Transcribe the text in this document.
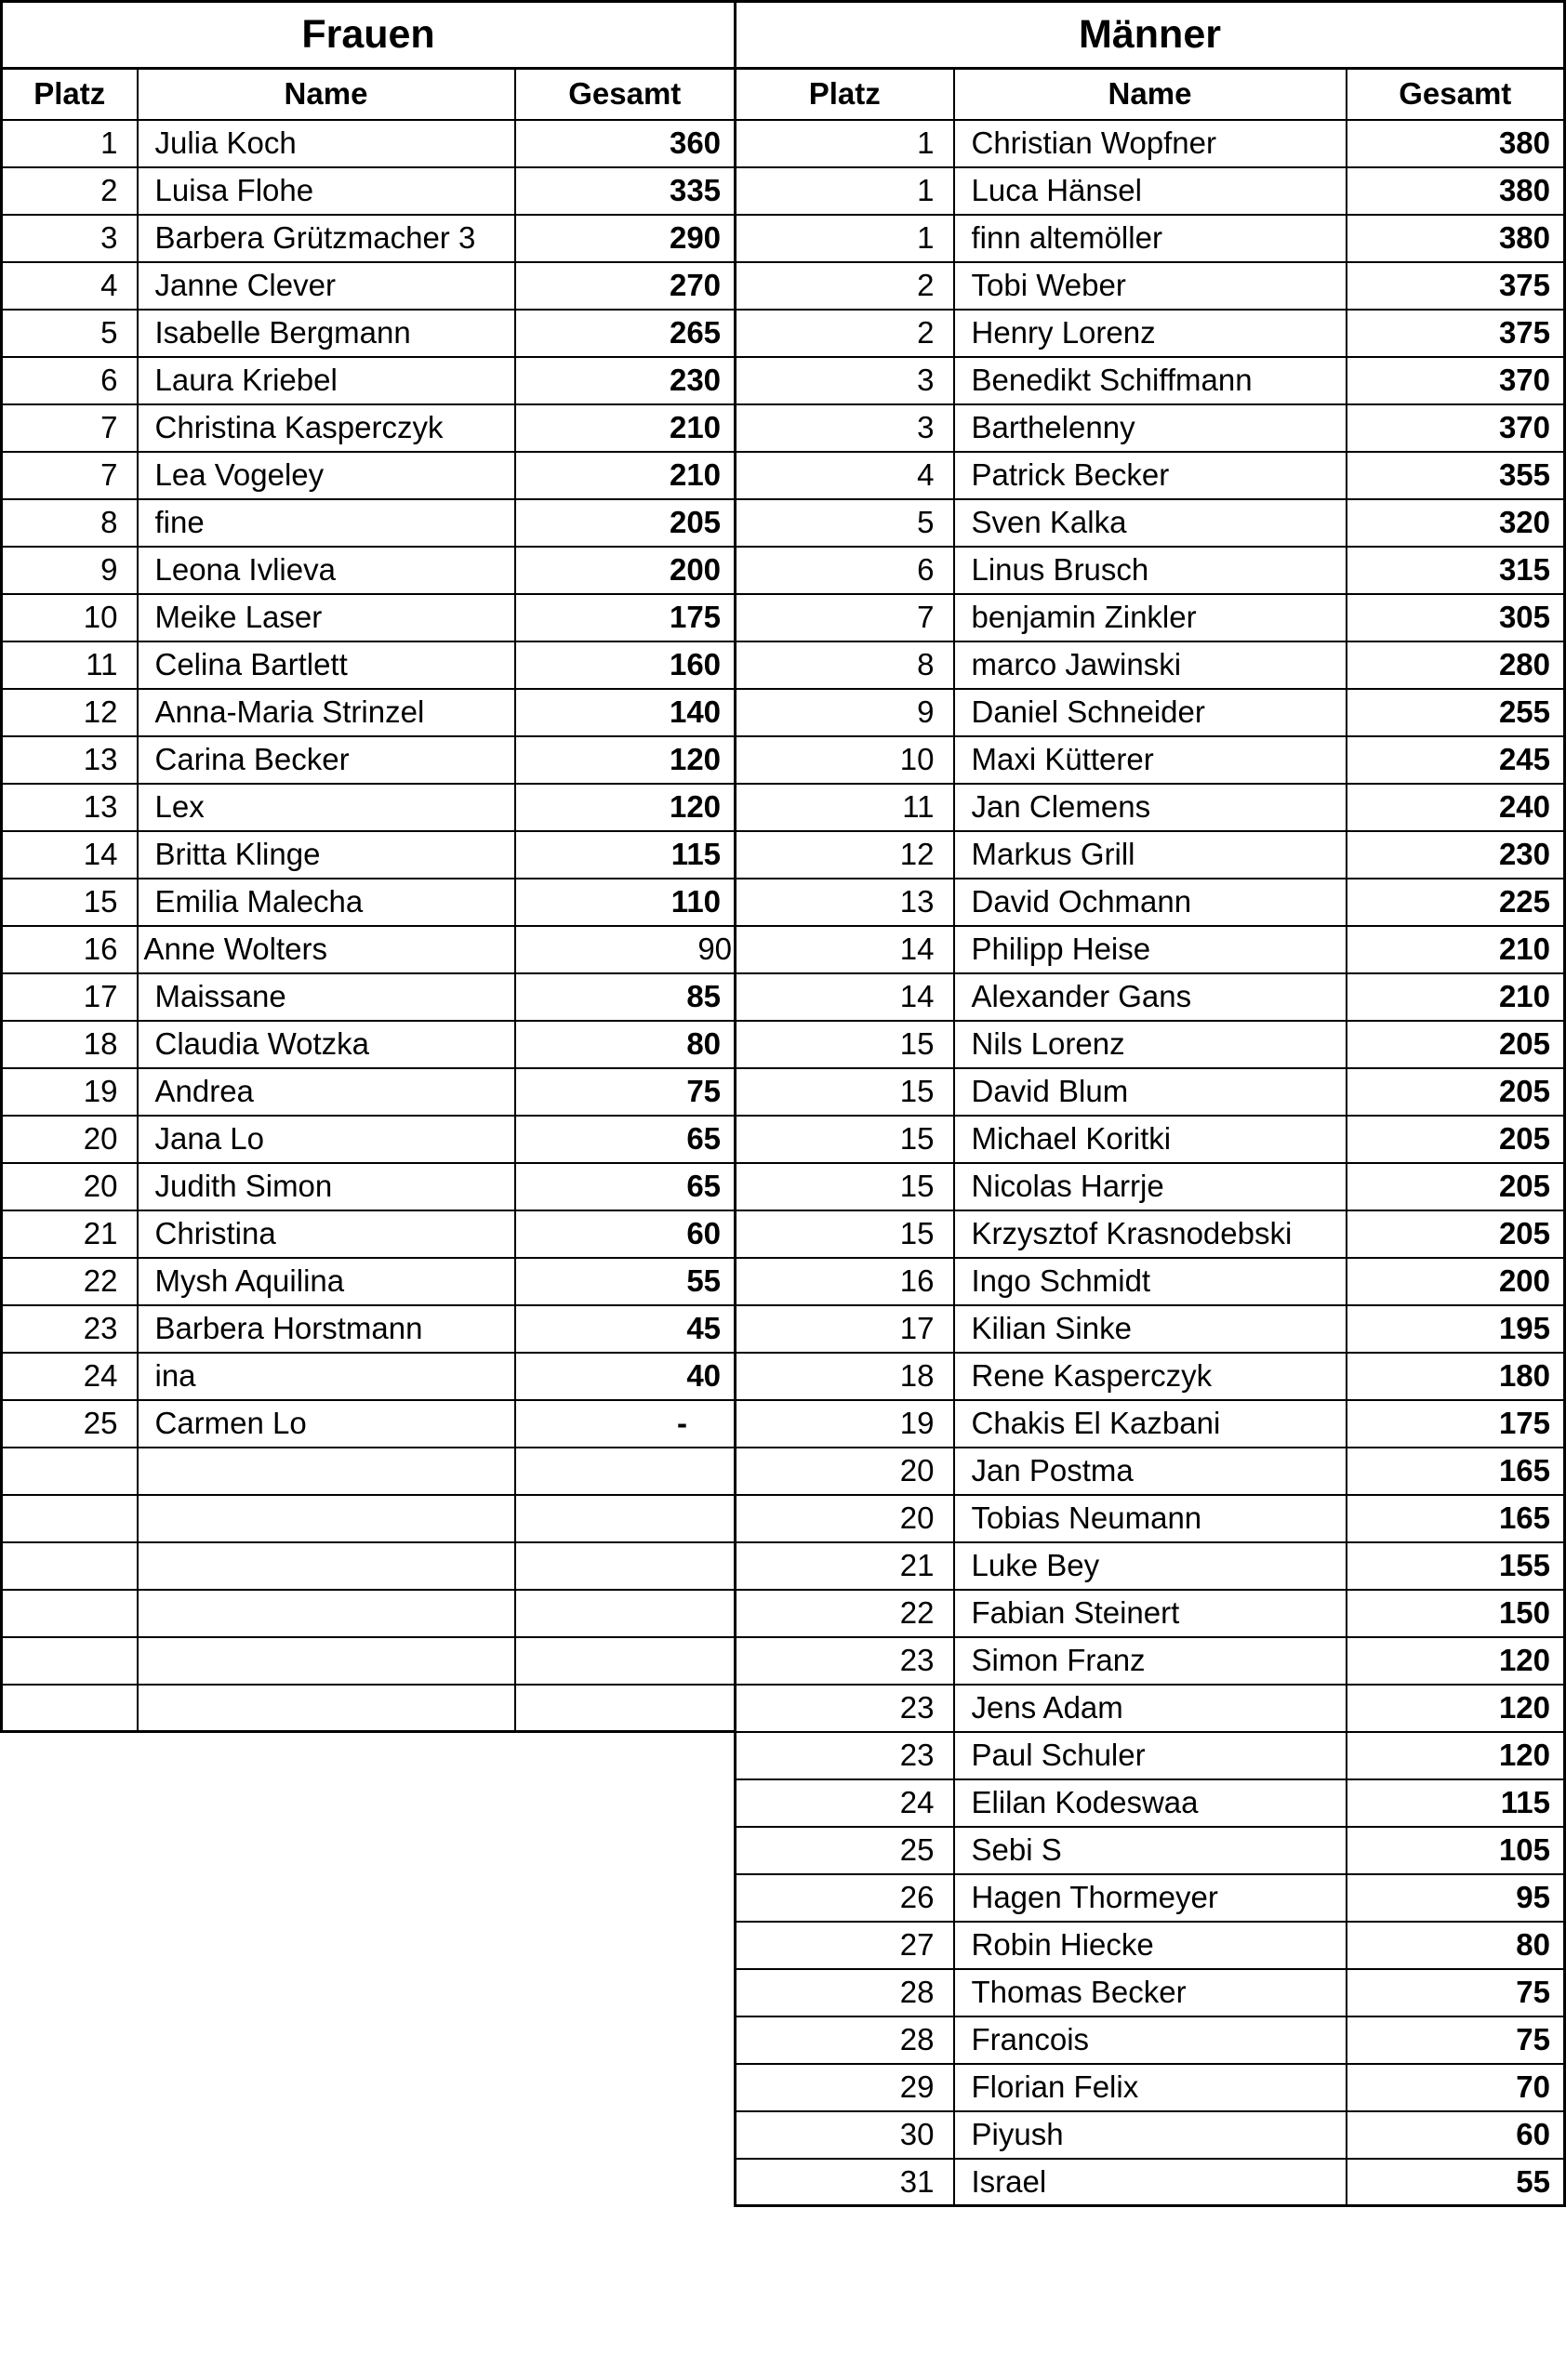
Frauen		
Platz	Name	Gesamt
1	Julia Koch	360
2	Luisa Flohe	335
3	Barbera Grützmacher 3	290
4	Janne Clever	270
5	Isabelle Bergmann	265
6	Laura Kriebel	230
7	Christina Kasperczyk	210
7	Lea Vogeley	210
8	fine	205
9	Leona Ivlieva	200
10	Meike Laser	175
11	Celina Bartlett	160
12	Anna-Maria Strinzel	140
13	Carina Becker	120
13	Lex	120
14	Britta Klinge	115
15	Emilia Malecha	110
16	Anne Wolters	90
17	Maissane	85
18	Claudia Wotzka	80
19	Andrea	75
20	Jana Lo	65
20	Judith Simon	65
21	Christina	60
22	Mysh Aquilina	55
23	Barbera Horstmann	45
24	ina	40
25	Carmen Lo	-

Männer		
Platz	Name	Gesamt
1	Christian Wopfner	380
1	Luca Hänsel	380
1	finn altemöller	380
2	Tobi Weber	375
2	Henry Lorenz	375
3	Benedikt Schiffmann	370
3	Barthelenny	370
4	Patrick Becker	355
5	Sven Kalka	320
6	Linus Brusch	315
7	benjamin Zinkler	305
8	marco Jawinski	280
9	Daniel Schneider	255
10	Maxi Kütterer	245
11	Jan Clemens	240
12	Markus Grill	230
13	David Ochmann	225
14	Philipp Heise	210
14	Alexander Gans	210
15	Nils Lorenz	205
15	David Blum	205
15	Michael Koritki	205
15	Nicolas Harrje	205
15	Krzysztof Krasnodebski	205
16	Ingo Schmidt	200
17	Kilian Sinke	195
18	Rene Kasperczyk	180
19	Chakis El Kazbani	175
20	Jan Postma	165
20	Tobias Neumann	165
21	Luke Bey	155
22	Fabian Steinert	150
23	Simon Franz	120
23	Jens Adam	120
23	Paul Schuler	120
24	Elilan Kodeswaa	115
25	Sebi S	105
26	Hagen Thormeyer	95
27	Robin Hiecke	80
28	Thomas Becker	75
28	Francois	75
29	Florian Felix	70
30	Piyush	60
31	Israel	55
